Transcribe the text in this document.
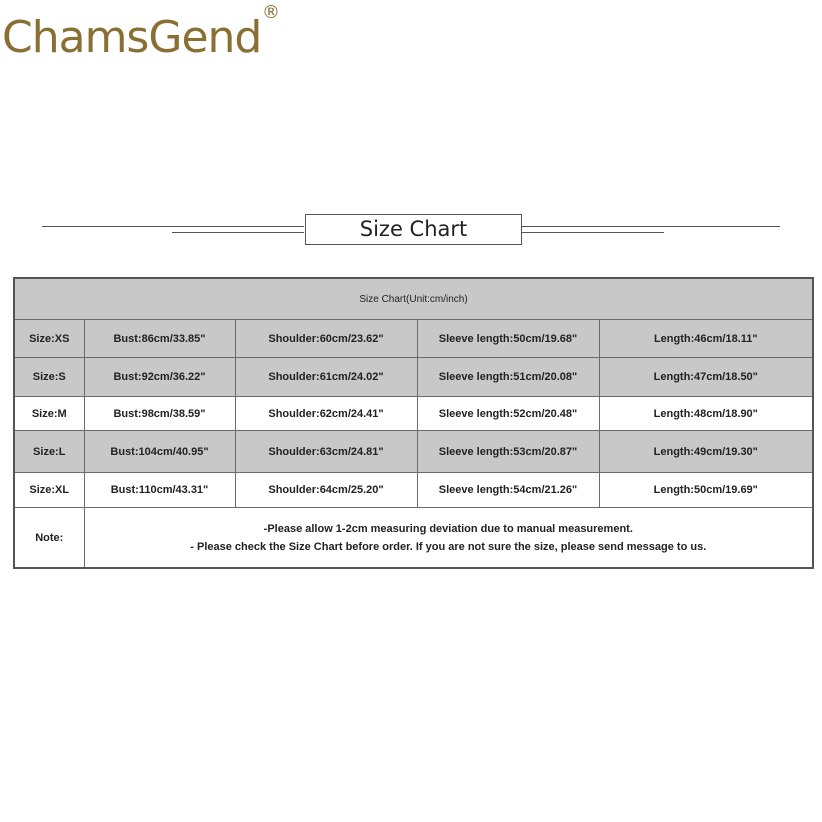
ChamsGend ®
Size Chart
Size Chart(Unit:cm/inch)				
Size:XS	Bust:86cm/33.85"	Shoulder:60cm/23.62"	Sleeve length:50cm/19.68"	Length:46cm/18.11"
Size:S	Bust:92cm/36.22"	Shoulder:61cm/24.02"	Sleeve length:51cm/20.08"	Length:47cm/18.50"
Size:M	Bust:98cm/38.59"	Shoulder:62cm/24.41"	Sleeve length:52cm/20.48"	Length:48cm/18.90"
Size:L	Bust:104cm/40.95"	Shoulder:63cm/24.81"	Sleeve length:53cm/20.87"	Length:49cm/19.30"
Size:XL	Bust:110cm/43.31"	Shoulder:64cm/25.20"	Sleeve length:54cm/21.26"	Length:50cm/19.69"
Note:	-Please allow 1-2cm measuring deviation due to manual measurement.
- Please check the Size Chart before order. If you are not sure the size, please send message to us.			
